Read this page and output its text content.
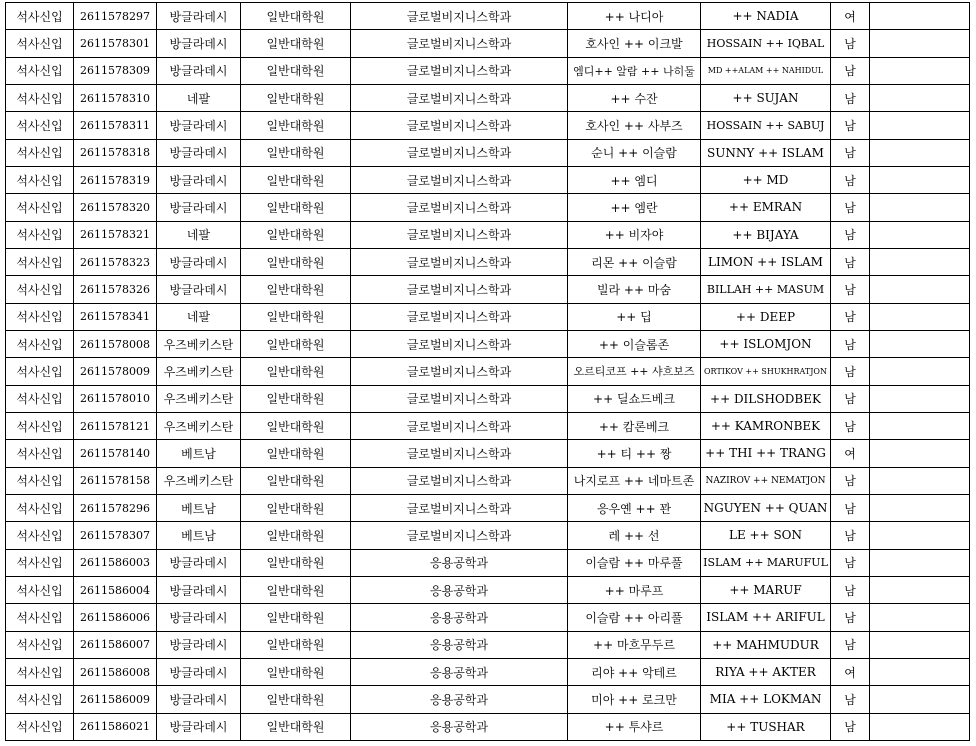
석사신입	2611578297	방글라데시	일반대학원	글로벌비지니스학과	++ 나디아	++ NADIA	여	
석사신입	2611578301	방글라데시	일반대학원	글로벌비지니스학과	호사인 ++ 이크발	HOSSAIN ++ IQBAL	남	
석사신입	2611578309	방글라데시	일반대학원	글로벌비지니스학과	엠디++ 알람 ++ 나히둘	MD ++ALAM ++ NAHIDUL	남	
석사신입	2611578310	네팔	일반대학원	글로벌비지니스학과	++ 수잔	++ SUJAN	남	
석사신입	2611578311	방글라데시	일반대학원	글로벌비지니스학과	호사인 ++ 사부즈	HOSSAIN ++ SABUJ	남	
석사신입	2611578318	방글라데시	일반대학원	글로벌비지니스학과	순니 ++ 이슬람	SUNNY ++ ISLAM	남	
석사신입	2611578319	방글라데시	일반대학원	글로벌비지니스학과	++ 엠디	++ MD	남	
석사신입	2611578320	방글라데시	일반대학원	글로벌비지니스학과	++ 엠란	++ EMRAN	남	
석사신입	2611578321	네팔	일반대학원	글로벌비지니스학과	++ 비자야	++ BIJAYA	남	
석사신입	2611578323	방글라데시	일반대학원	글로벌비지니스학과	리몬 ++ 이슬람	LIMON ++ ISLAM	남	
석사신입	2611578326	방글라데시	일반대학원	글로벌비지니스학과	빌라 ++ 마숨	BILLAH ++ MASUM	남	
석사신입	2611578341	네팔	일반대학원	글로벌비지니스학과	++ 딥	++ DEEP	남	
석사신입	2611578008	우즈베키스탄	일반대학원	글로벌비지니스학과	++ 이슬롬존	++ ISLOMJON	남	
석사신입	2611578009	우즈베키스탄	일반대학원	글로벌비지니스학과	오르티코프 ++ 샤흐보즈	ORTIKOV ++ SHUKHRATJON	남	
석사신입	2611578010	우즈베키스탄	일반대학원	글로벌비지니스학과	++ 딜쇼드베크	++ DILSHODBEK	남	
석사신입	2611578121	우즈베키스탄	일반대학원	글로벌비지니스학과	++ 캄론베크	++ KAMRONBEK	남	
석사신입	2611578140	베트남	일반대학원	글로벌비지니스학과	++ 티 ++ 짱	++ THI ++ TRANG	여	
석사신입	2611578158	우즈베키스탄	일반대학원	글로벌비지니스학과	나지로프 ++ 네마트존	NAZIROV ++ NEMATJON	남	
석사신입	2611578296	베트남	일반대학원	글로벌비지니스학과	응우옌 ++ 꽌	NGUYEN ++ QUAN	남	
석사신입	2611578307	베트남	일반대학원	글로벌비지니스학과	레 ++ 선	LE ++ SON	남	
석사신입	2611586003	방글라데시	일반대학원	응용공학과	이슬람 ++ 마루풀	ISLAM ++ MARUFUL	남	
석사신입	2611586004	방글라데시	일반대학원	응용공학과	++ 마루프	++ MARUF	남	
석사신입	2611586006	방글라데시	일반대학원	응용공학과	이슬람 ++ 아리풀	ISLAM ++ ARIFUL	남	
석사신입	2611586007	방글라데시	일반대학원	응용공학과	++ 마흐무두르	++ MAHMUDUR	남	
석사신입	2611586008	방글라데시	일반대학원	응용공학과	리야 ++ 악테르	RIYA ++ AKTER	여	
석사신입	2611586009	방글라데시	일반대학원	응용공학과	미아 ++ 로크만	MIA ++ LOKMAN	남	
석사신입	2611586021	방글라데시	일반대학원	응용공학과	++ 투샤르	++ TUSHAR	남	
